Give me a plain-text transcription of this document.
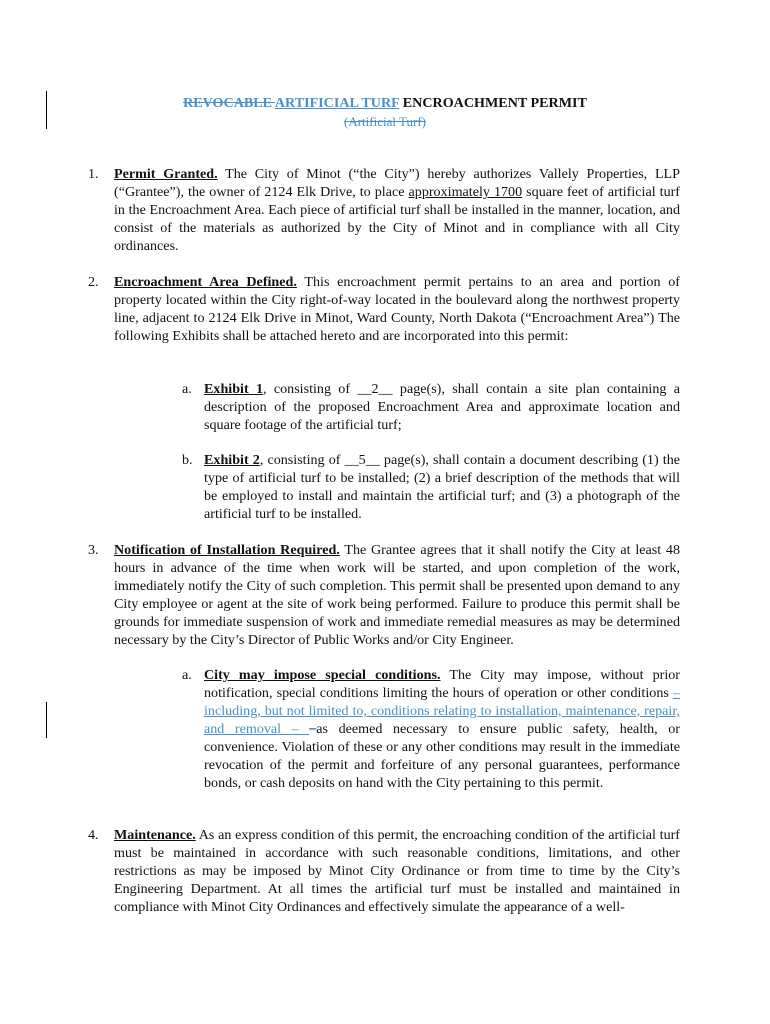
REVOCABLE ARTIFICIAL TURF ENCROACHMENT PERMIT
(Artificial Turf)
1. Permit Granted. The City of Minot (“the City”) hereby authorizes Vallely Properties, LLP (“Grantee”), the owner of 2124 Elk Drive, to place approximately 1700 square feet of artificial turf in the Encroachment Area. Each piece of artificial turf shall be installed in the manner, location, and consist of the materials as authorized by the City of Minot and in compliance with all City ordinances.

2. Encroachment Area Defined. This encroachment permit pertains to an area and portion of property located within the City right-of-way located in the boulevard along the northwest property line, adjacent to 2124 Elk Drive in Minot, Ward County, North Dakota (“Encroachment Area”) The following Exhibits shall be attached hereto and are incorporated into this permit:

a. Exhibit 1, consisting of __2__ page(s), shall contain a site plan containing a description of the proposed Encroachment Area and approximate location and square footage of the artificial turf;

b. Exhibit 2, consisting of __5__ page(s), shall contain a document describing (1) the type of artificial turf to be installed; (2) a brief description of the methods that will be employed to install and maintain the artificial turf; and (3) a photograph of the artificial turf to be installed.

3. Notification of Installation Required. The Grantee agrees that it shall notify the City at least 48 hours in advance of the time when work will be started, and upon completion of the work, immediately notify the City of such completion. This permit shall be presented upon demand to any City employee or agent at the site of work being performed. Failure to produce this permit shall be grounds for immediate suspension of work and immediate remedial measures as may be determined necessary by the City’s Director of Public Works and/or City Engineer.

a. City may impose special conditions. The City may impose, without prior notification, special conditions limiting the hours of operation or other conditions – including, but not limited to, conditions relating to installation, maintenance, repair, and removal – –as deemed necessary to ensure public safety, health, or convenience. Violation of these or any other conditions may result in the immediate revocation of the permit and forfeiture of any personal guarantees, performance bonds, or cash deposits on hand with the City pertaining to this permit.

4. Maintenance. As an express condition of this permit, the encroaching condition of the artificial turf must be maintained in accordance with such reasonable conditions, limitations, and other restrictions as may be imposed by Minot City Ordinance or from time to time by the City’s Engineering Department. At all times the artificial turf must be installed and maintained in compliance with Minot City Ordinances and effectively simulate the appearance of a well-
